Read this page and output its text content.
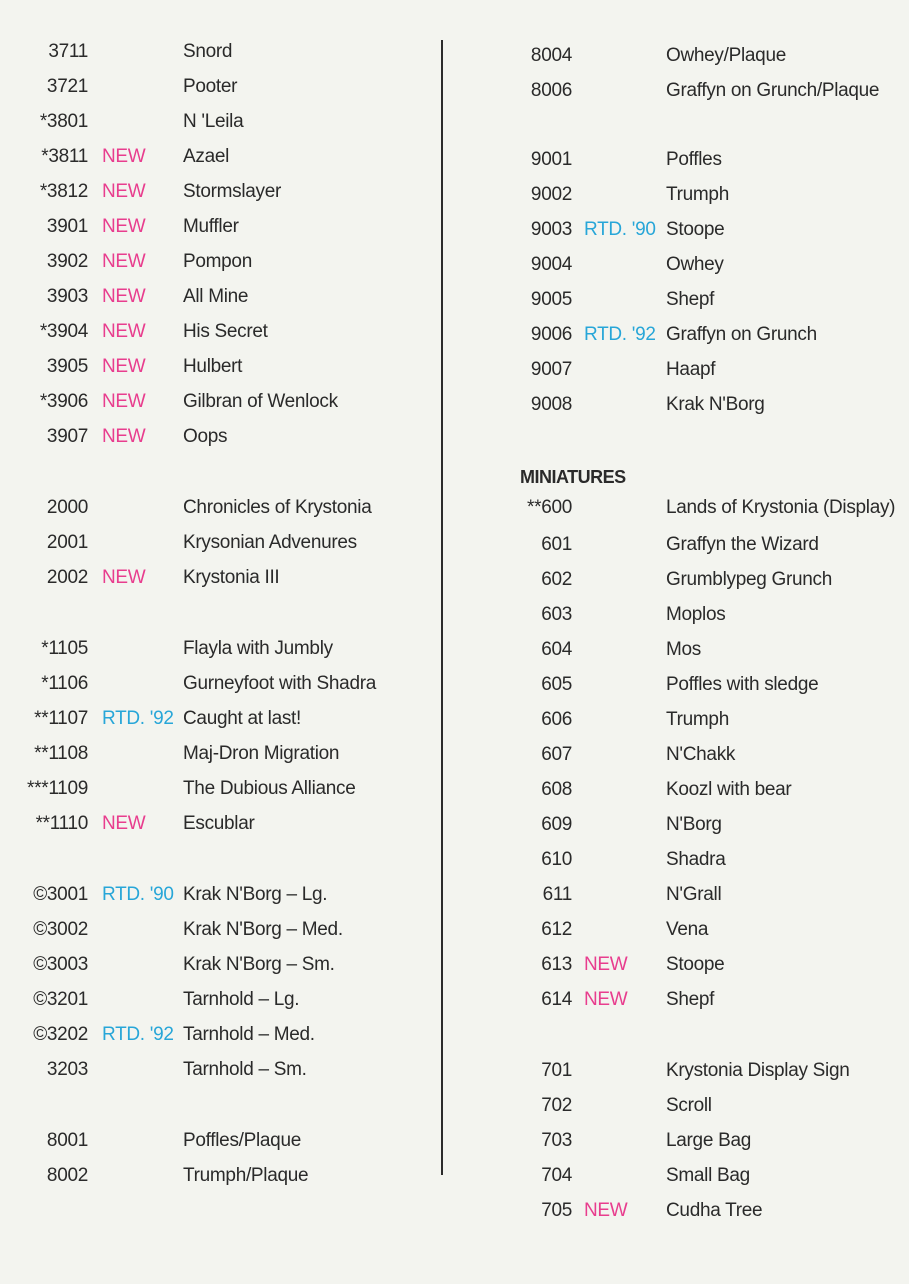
3711	Snord
3721	Pooter
*3801	N 'Leila
*3811 NEW Azael
*3812 NEW Stormslayer
3901 NEW Muffler
3902 NEW Pompon
3903 NEW All Mine
*3904 NEW His Secret
3905 NEW Hulbert
*3906 NEW Gilbran of Wenlock
3907 NEW Oops
2000	Chronicles of Krystonia
2001	Krysonian Advenures
2002 NEW Krystonia III
*1105	Flayla with Jumbly
*1106	Gurneyfoot with Shadra
**1107 RTD. '92 Caught at last!
**1108	Maj-Dron Migration
***1109	The Dubious Alliance
**1110 NEW Escublar
©3001 RTD. '90 Krak N'Borg – Lg.
©3002	Krak N'Borg – Med.
©3003	Krak N'Borg – Sm.
©3201	Tarnhold – Lg.
©3202 RTD. '92 Tarnhold – Med.
3203	Tarnhold – Sm.
8001	Poffles/Plaque
8002	Trumph/Plaque
MINIATURES
8004	Owhey/Plaque
8006	Graffyn on Grunch/Plaque
9001	Poffles
9002	Trumph
9003 RTD. '90 Stoope
9004	Owhey
9005	Shepf
9006 RTD. '92 Graffyn on Grunch
9007	Haapf
9008	Krak N'Borg
**600	Lands of Krystonia (Display)
601	Graffyn the Wizard
602	Grumblypeg Grunch
603	Moplos
604	Mos
605	Poffles with sledge
606	Trumph
607	N'Chakk
608	Koozl with bear
609	N'Borg
610	Shadra
611	N'Grall
612	Vena
613 NEW Stoope
614 NEW Shepf
701	Krystonia Display Sign
702	Scroll
703	Large Bag
704	Small Bag
705 NEW Cudha Tree
